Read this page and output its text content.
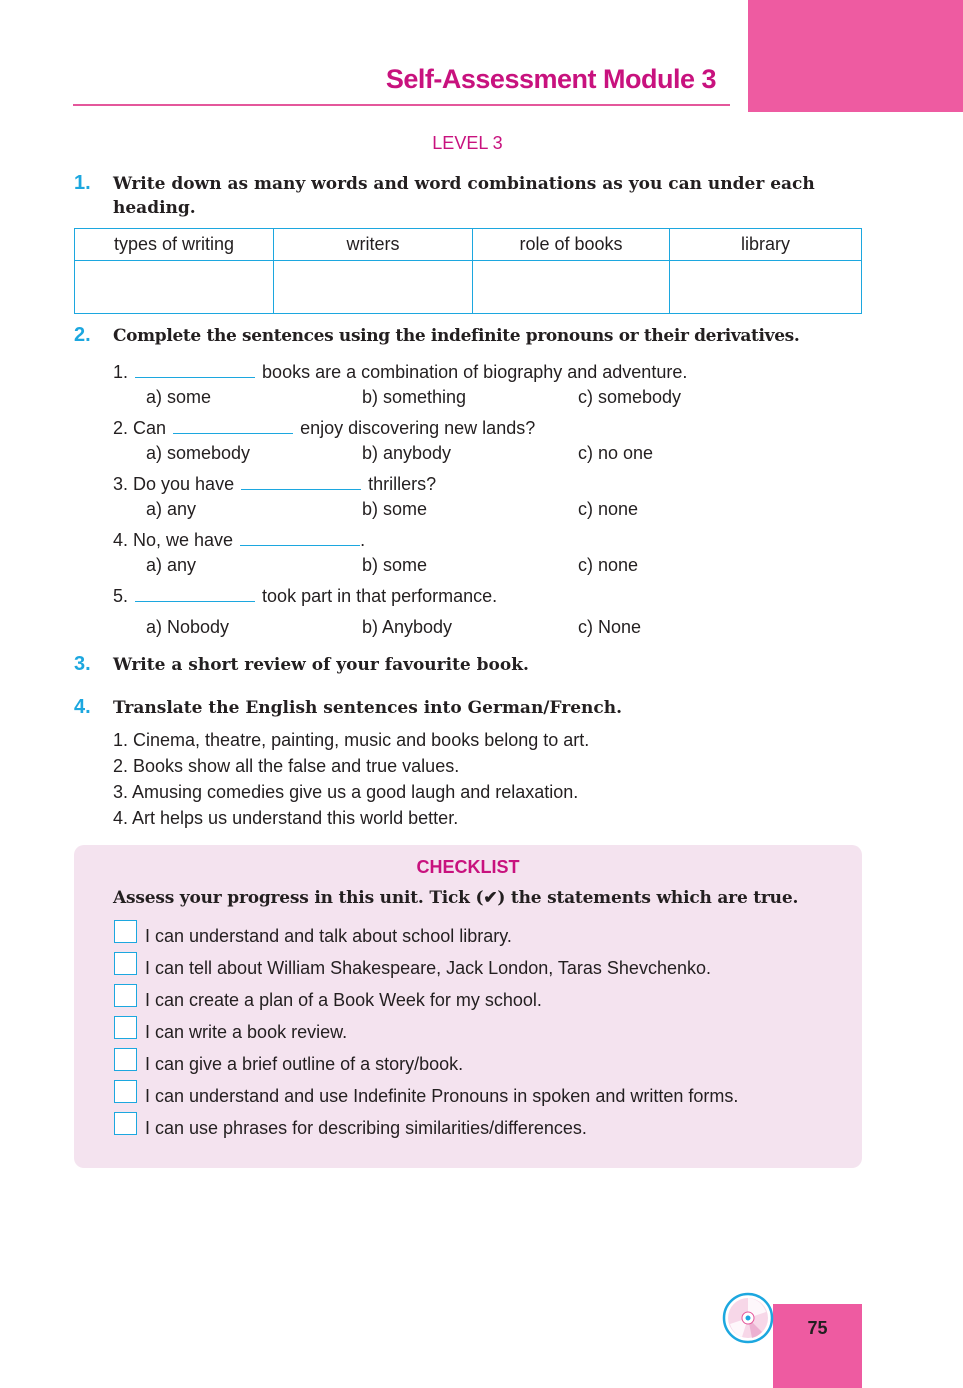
Self-Assessment Module 3
LEVEL 3
1. Write down as many words and word combinations as you can under each
heading.
types of writing	writers	role of books	library

2. Complete the sentences using the indefinite pronouns or their derivatives.
1.	books are a combination of biography and adventure.
a) some	b) something	c) somebody
2. Can	enjoy discovering new lands?
a) somebody	b) anybody	c) no one
3. Do you have	thrillers?
a) any	b) some	c) none
4. No, we have	.
a) any	b) some	c) none
5.	took part in that performance.
a) Nobody	b) Anybody	c) None
3. Write a short review of your favourite book.
4. Translate the English sentences into German/French.
1. Cinema, theatre, painting, music and books belong to art.
2. Books show all the false and true values.
3. Amusing comedies give us a good laugh and relaxation.
4. Art helps us understand this world better.
CHECKLIST
Assess your progress in this unit. Tick (✔) the statements which are true.
I can understand and talk about school library.
I can tell about William Shakespeare, Jack London, Taras Shevchenko.
I can create a plan of a Book Week for my school.
I can write a book review.
I can give a brief outline of a story/book.
I can understand and use Indefinite Pronouns in spoken and written forms.
I can use phrases for describing similarities/differences.
75
